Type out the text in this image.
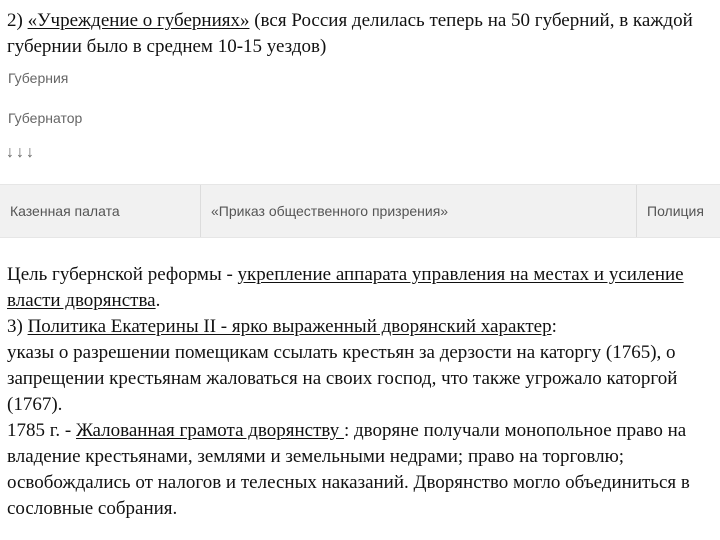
2) «Учреждение о губерниях» (вся Россия делилась теперь на 50 губерний, в каждой губернии было в среднем 10-15 уездов)
Губерния
Губернатор
↓↓↓
Казенная палата	«Приказ общественного призрения»	Полиция

Цель губернской реформы - укрепление аппарата управления на местах и усиление власти дворянства.

3) Политика Екатерины II - ярко выраженный дворянский характер:

указы о разрешении помещикам ссылать крестьян за дерзости на каторгу (1765), о запрещении крестьянам жаловаться на своих господ, что также угрожало каторгой (1767).

1785 г. - Жалованная грамота дворянству : дворяне получали монопольное право на владение крестьянами, землями и земельными недрами; право на торговлю; освобождались от налогов и телесных наказаний. Дворянство могло объединиться в сословные собрания.
